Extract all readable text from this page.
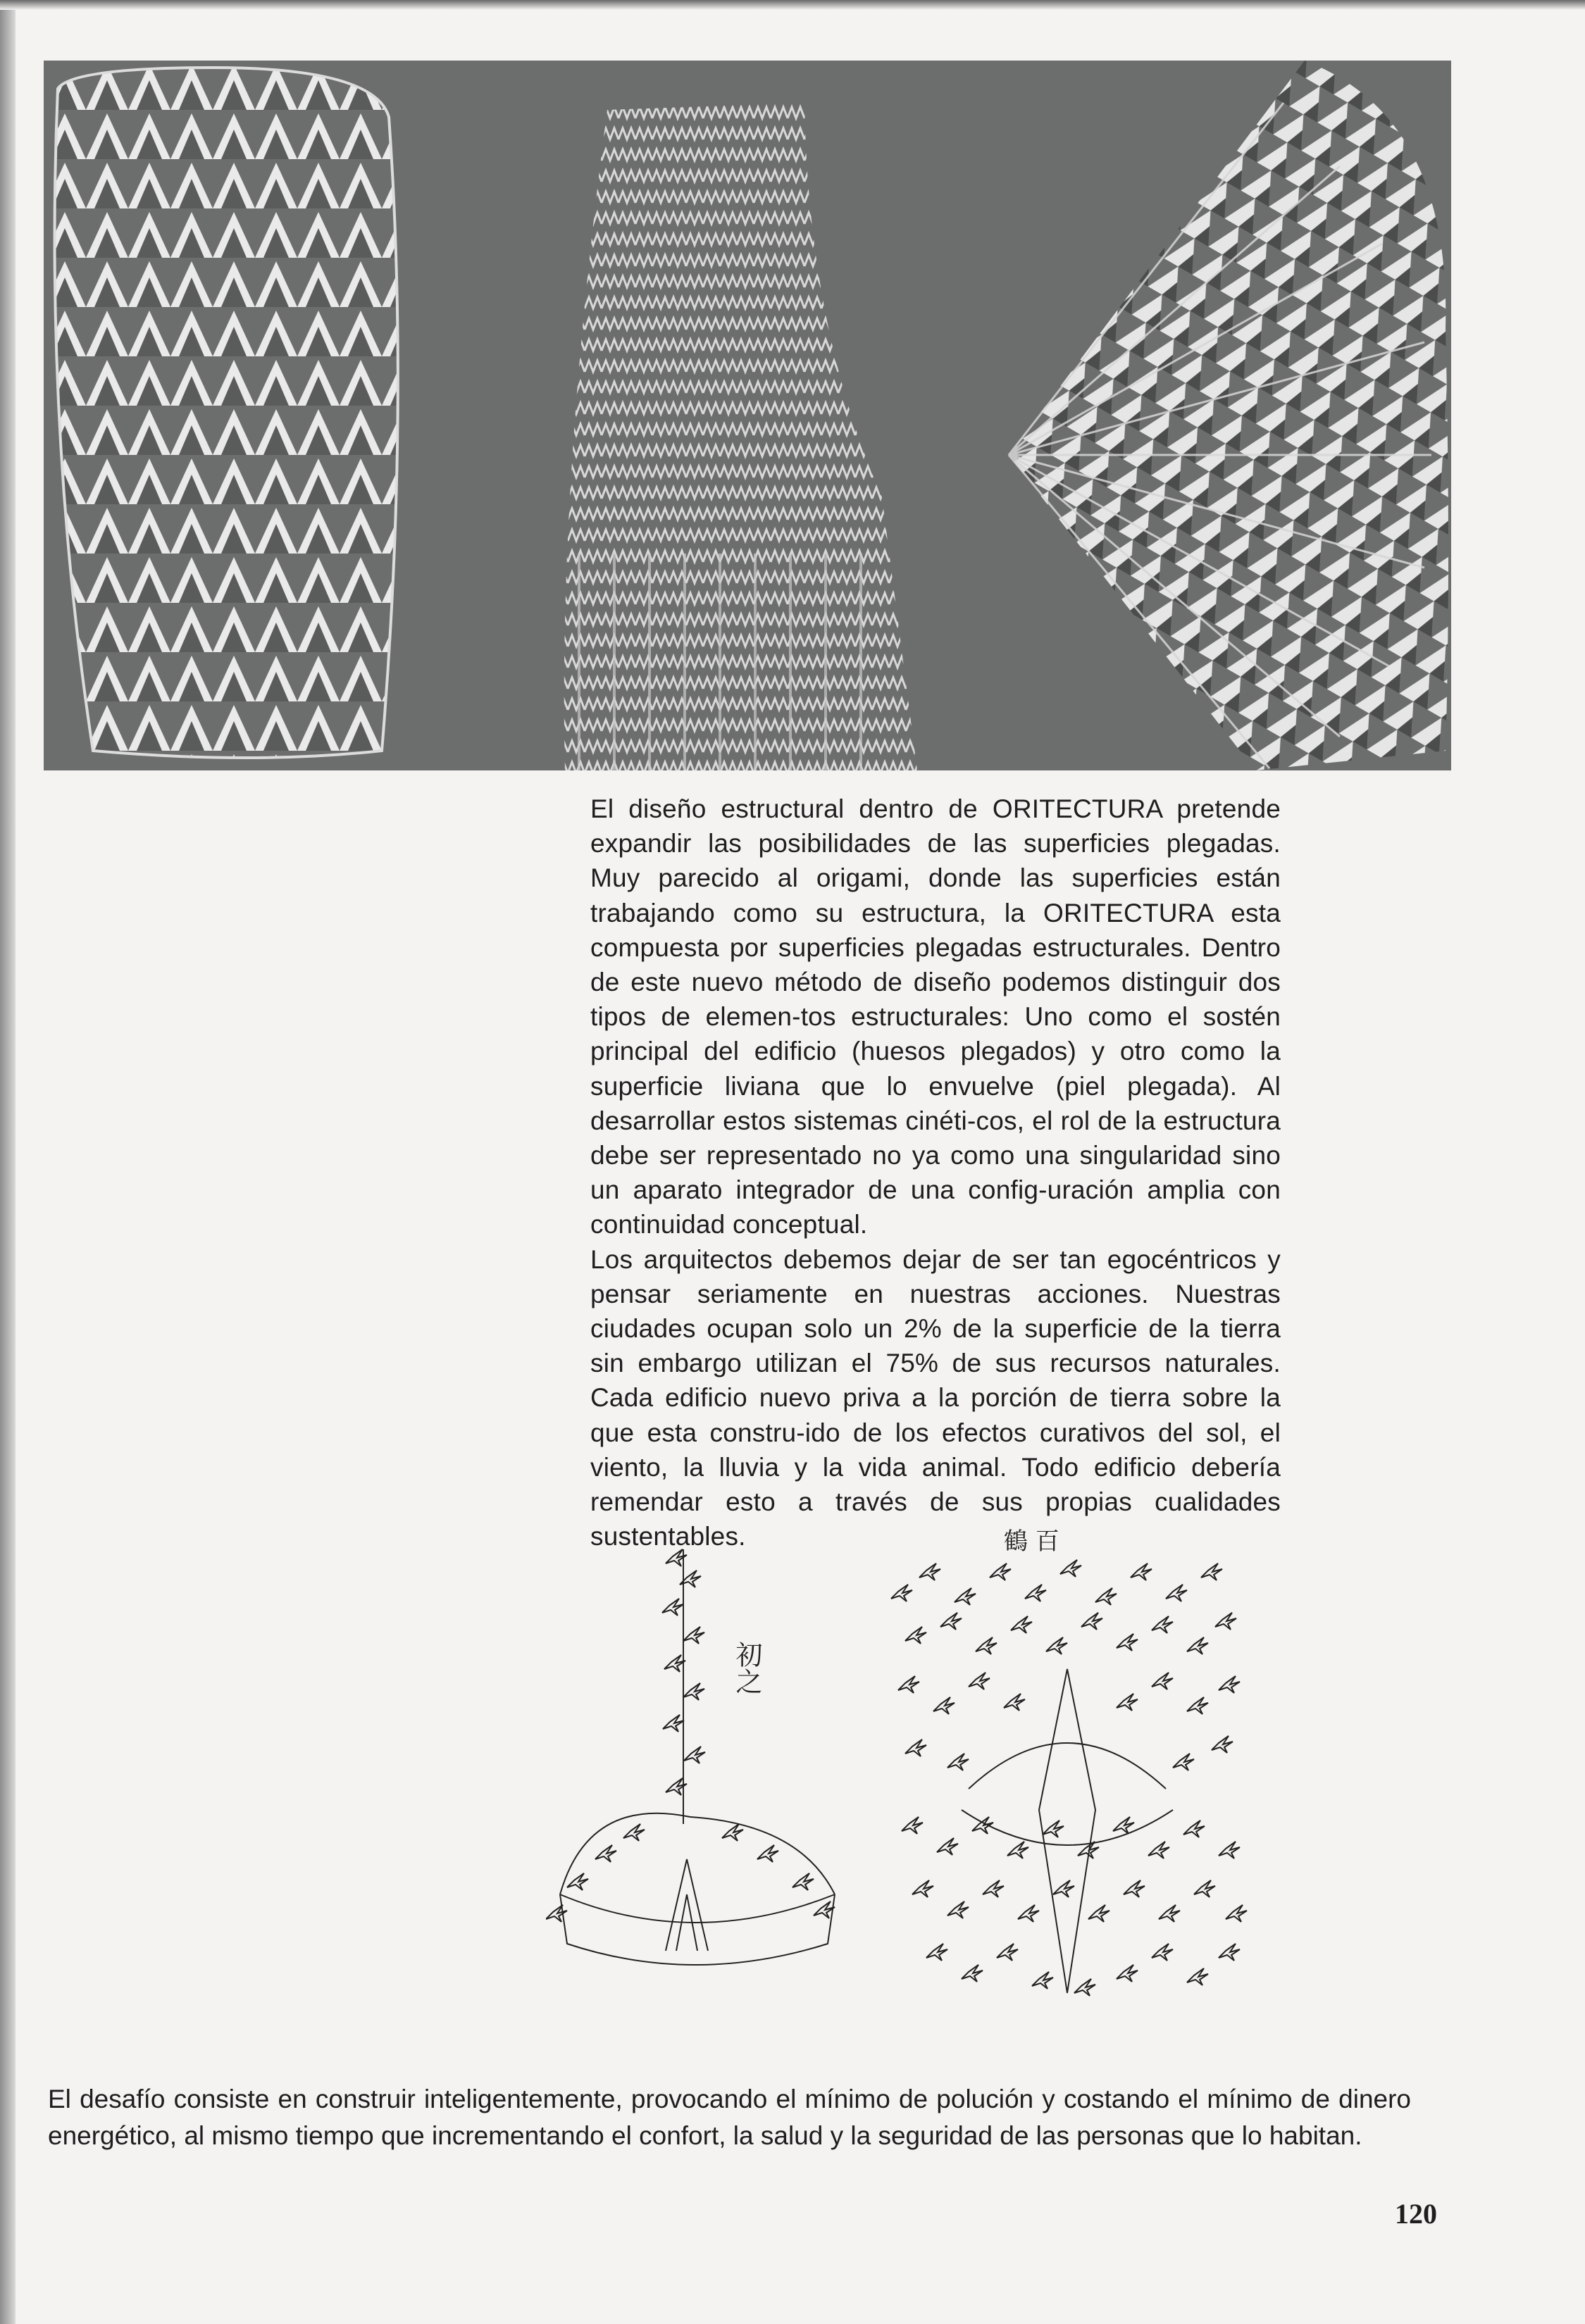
El diseño estructural dentro de ORITECTURA pretende expandir las posibilidades de las superficies plegadas. Muy parecido al origami, donde las superficies están trabajando como su estructura, la ORITECTURA esta compuesta por superficies plegadas estructurales. Dentro de este nuevo método de diseño podemos distinguir dos tipos de elemen-tos estructurales: Uno como el sostén principal del edificio (huesos plegados) y otro como la superficie liviana que lo envuelve (piel plegada). Al desarrollar estos sistemas cinéti-cos, el rol de la estructura debe ser representado no ya como una singularidad sino un aparato integrador de una config-uración amplia con continuidad conceptual.

Los arquitectos debemos dejar de ser tan egocéntricos y pensar seriamente en nuestras acciones. Nuestras ciudades ocupan solo un 2% de la superficie de la tierra sin embargo utilizan el 75% de sus recursos naturales. Cada edificio nuevo priva a la porción de tierra sobre la que esta constru-ido de los efectos curativos del sol, el viento, la lluvia y la vida animal. Todo edificio debería remendar esto a través de sus propias cualidades sustentables.

初之
鶴 百
El desafío consiste en construir inteligentemente, provocando el mínimo de polución y costando el mínimo de dinero energético, al mismo tiempo que incrementando el confort, la salud y la seguridad de las personas que lo habitan.
120
